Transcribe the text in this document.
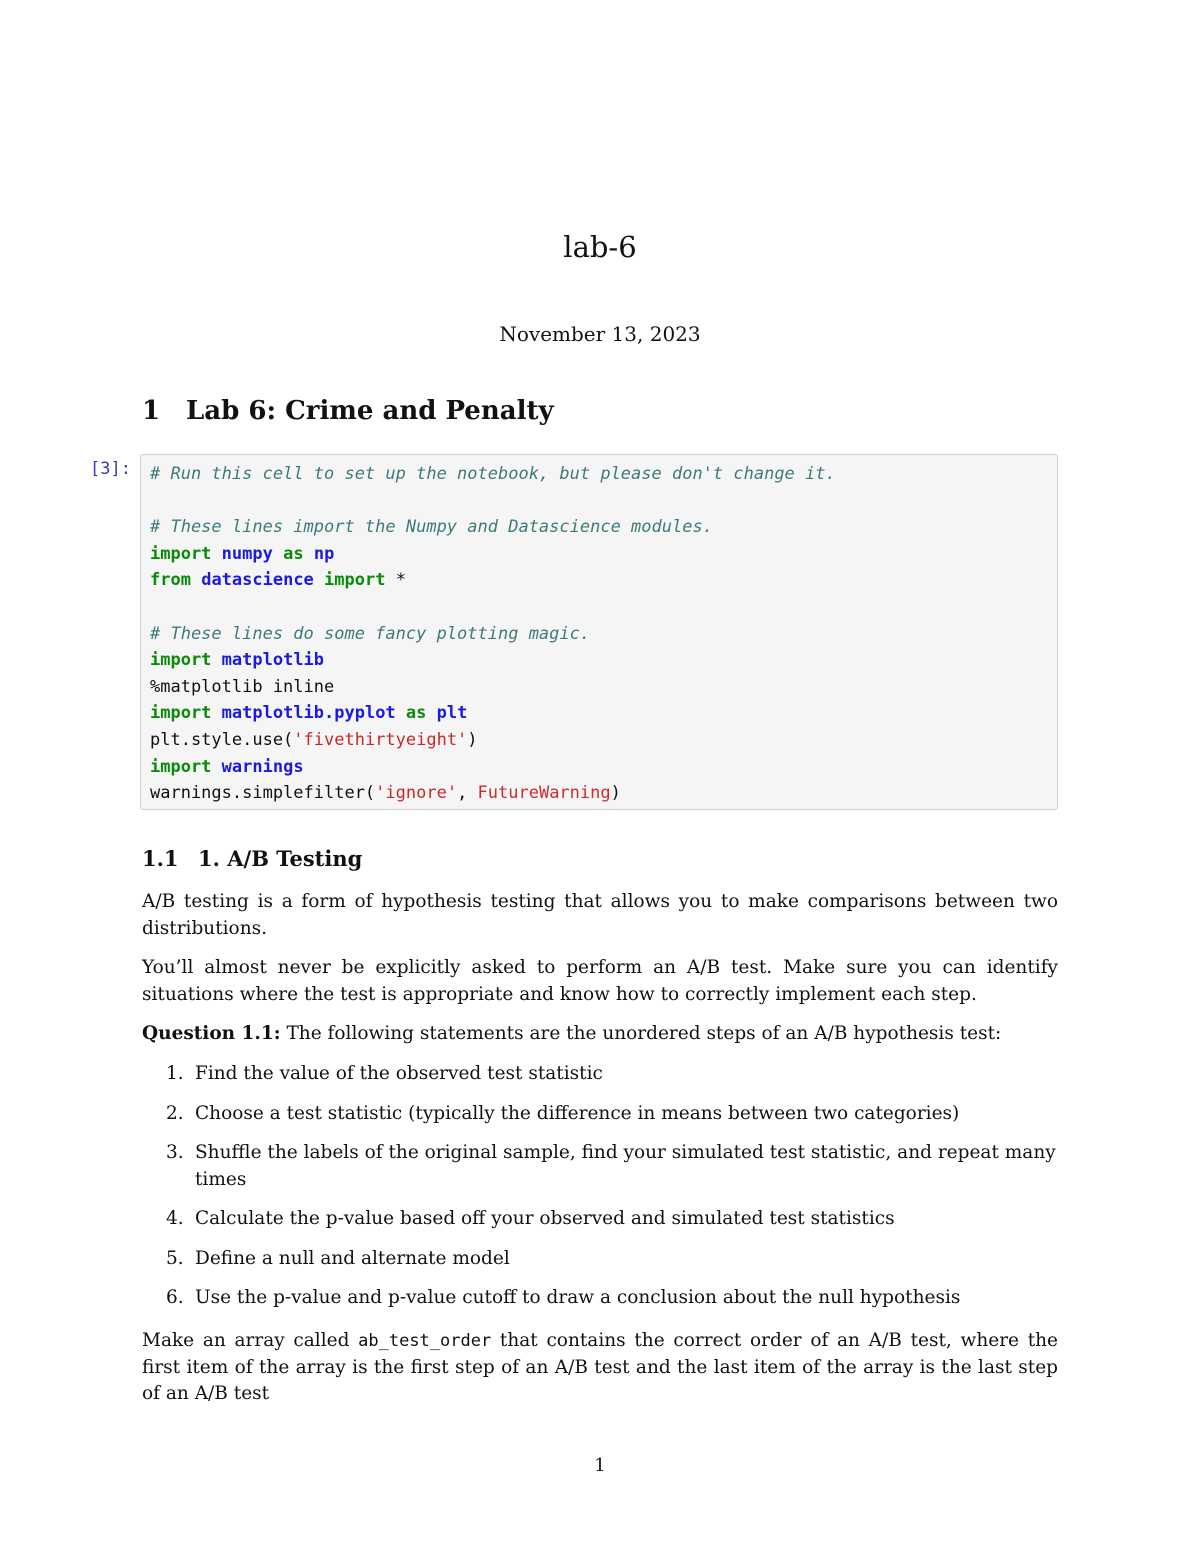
lab-6
November 13, 2023
1 Lab 6: Crime and Penalty
[3]: # Run this cell to set up the notebook, but please don't change it.
# These lines import the Numpy and Datascience modules.
import numpy as np
from datascience import *
# These lines do some fancy plotting magic.
import matplotlib
%matplotlib inline
import matplotlib.pyplot as plt
plt.style.use('fivethirtyeight')
import warnings
warnings.simplefilter('ignore', FutureWarning)
1.1 1. A/B Testing

A/B testing is a form of hypothesis testing that allows you to make comparisons between two distributions.

You’ll almost never be explicitly asked to perform an A/B test. Make sure you can identify situations where the test is appropriate and know how to correctly implement each step.

Question 1.1: The following statements are the unordered steps of an A/B hypothesis test:

1. Find the value of the observed test statistic
2. Choose a test statistic (typically the difference in means between two categories)
3. Shuffle the labels of the original sample, find your simulated test statistic, and repeat many times
4. Calculate the p-value based off your observed and simulated test statistics
5. Define a null and alternate model
6. Use the p-value and p-value cutoff to draw a conclusion about the null hypothesis

Make an array called ab_test_order that contains the correct order of an A/B test, where the first item of the array is the first step of an A/B test and the last item of the array is the last step of an A/B test

1
